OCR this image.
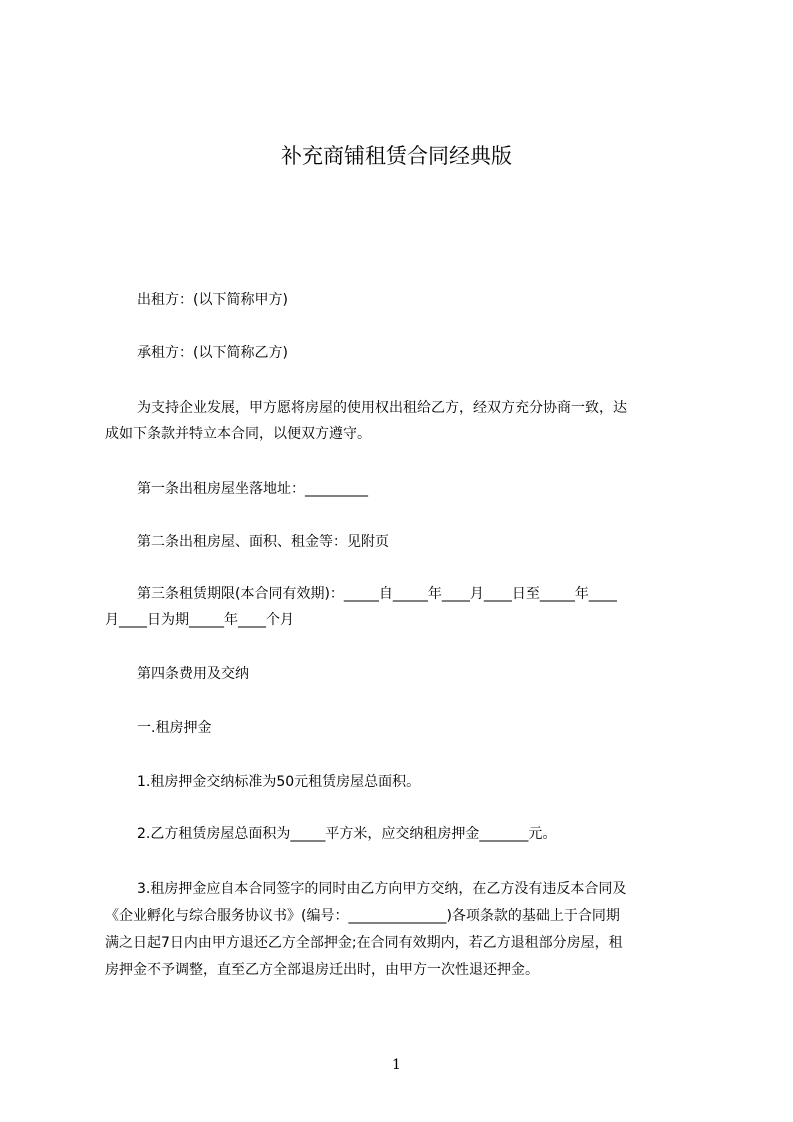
补充商铺租赁合同经典版
出租方：(以下简称甲方)
承租方：(以下简称乙方)
为支持企业发展，甲方愿将房屋的使用权出租给乙方，经双方充分协商一致，达
成如下条款并特立本合同，以便双方遵守。
第一条出租房屋坐落地址：_________
第二条出租房屋、面积、租金等：见附页
第三条租赁期限(本合同有效期)：_____自_____年____月____日至_____年____
月____日为期_____年____个月
第四条费用及交纳
一.租房押金
1.租房押金交纳标准为50元租赁房屋总面积。
2.乙方租赁房屋总面积为_____平方米，应交纳租房押金_______元。
3.租房押金应自本合同签字的同时由乙方向甲方交纳，在乙方没有违反本合同及
《企业孵化与综合服务协议书》(编号：______________)各项条款的基础上于合同期
满之日起7日内由甲方退还乙方全部押金;在合同有效期内，若乙方退租部分房屋，租
房押金不予调整，直至乙方全部退房迁出时，由甲方一次性退还押金。
1
